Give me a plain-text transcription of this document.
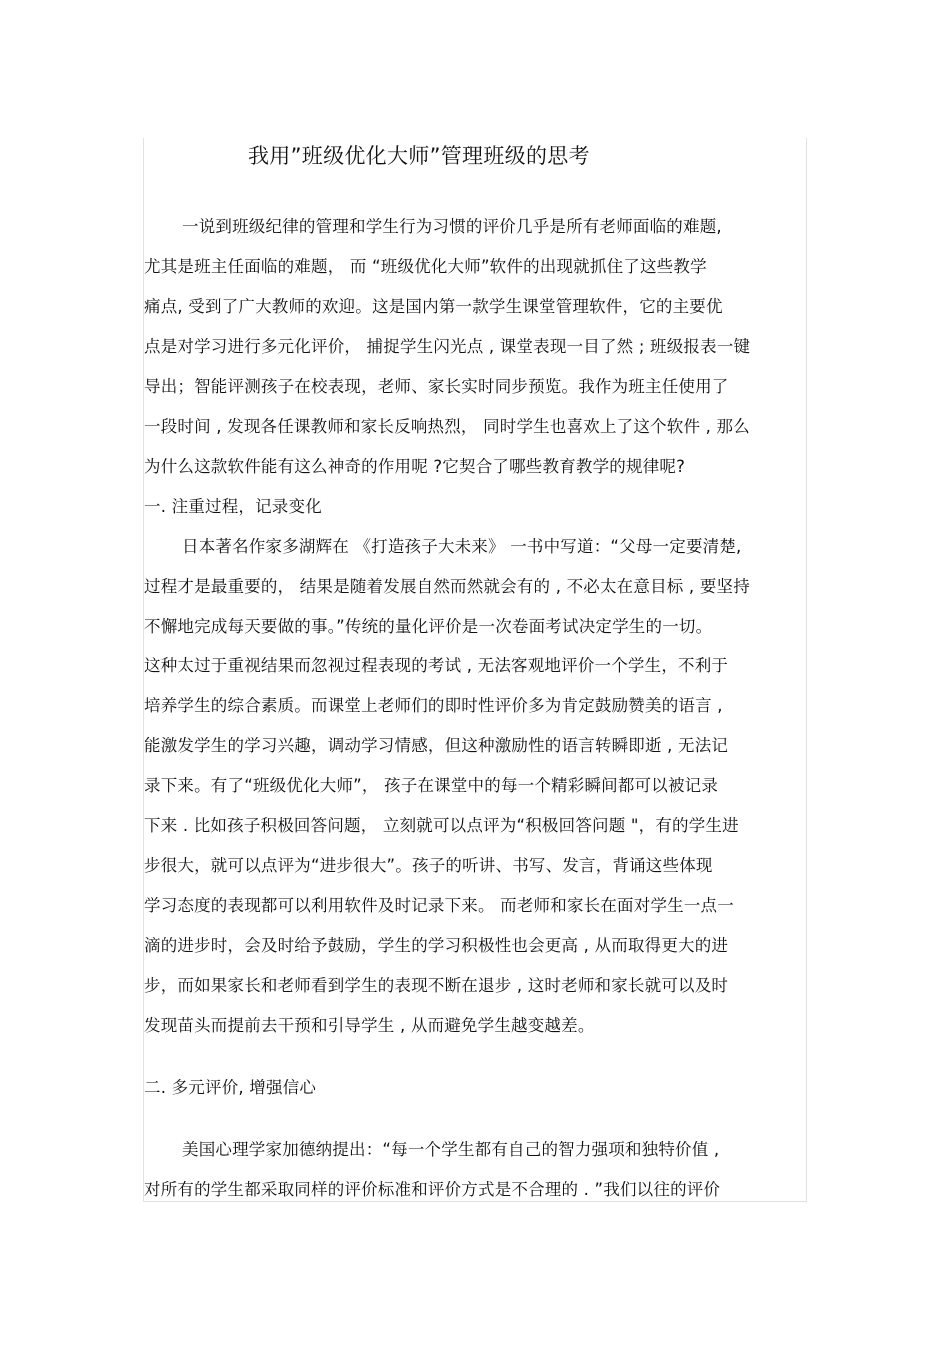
我用”班级优化大师”管理班级的思考
一说到班级纪律的管理和学生行为习惯的评价几乎是所有老师面临的难题,
尤其是班主任面临的难题， 而 “班级优化大师”软件的出现就抓住了这些教学
痛点, 受到了广大教师的欢迎。这是国内第一款学生课堂管理软件，它的主要优
点是对学习进行多元化评价， 捕捉学生闪光点 , 课堂表现一目了然 ; 班级报表一键
导出；智能评测孩子在校表现，老师、家长实时同步预览。我作为班主任使用了
一段时间 , 发现各任课教师和家长反响热烈， 同时学生也喜欢上了这个软件 , 那么
为什么这款软件能有这么神奇的作用呢 ?它契合了哪些教育教学的规律呢?
一. 注重过程，记录变化
日本著名作家多湖辉在 《打造孩子大未来》 一书中写道：“父母一定要清楚,
过程才是最重要的， 结果是随着发展自然而然就会有的 , 不必太在意目标 , 要坚持
不懈地完成每天要做的事。”传统的量化评价是一次卷面考试决定学生的一切。
这种太过于重视结果而忽视过程表现的考试 , 无法客观地评价一个学生，不利于
培养学生的综合素质。而课堂上老师们的即时性评价多为肯定鼓励赞美的语言 ,
能激发学生的学习兴趣，调动学习情感，但这种激励性的语言转瞬即逝 , 无法记
录下来。有了“班级优化大师”， 孩子在课堂中的每一个精彩瞬间都可以被记录
下来 . 比如孩子积极回答问题， 立刻就可以点评为“积极回答问题 "，有的学生进
步很大，就可以点评为“进步很大”。孩子的听讲、书写、发言，背诵这些体现
学习态度的表现都可以利用软件及时记录下来。 而老师和家长在面对学生一点一
滴的进步时，会及时给予鼓励，学生的学习积极性也会更高 , 从而取得更大的进
步，而如果家长和老师看到学生的表现不断在退步 , 这时老师和家长就可以及时
发现苗头而提前去干预和引导学生 , 从而避免学生越变越差。
二. 多元评价, 增强信心
美国心理学家加德纳提出：“每一个学生都有自己的智力强项和独特价值 ,
对所有的学生都采取同样的评价标准和评价方式是不合理的 . ”我们以往的评价
